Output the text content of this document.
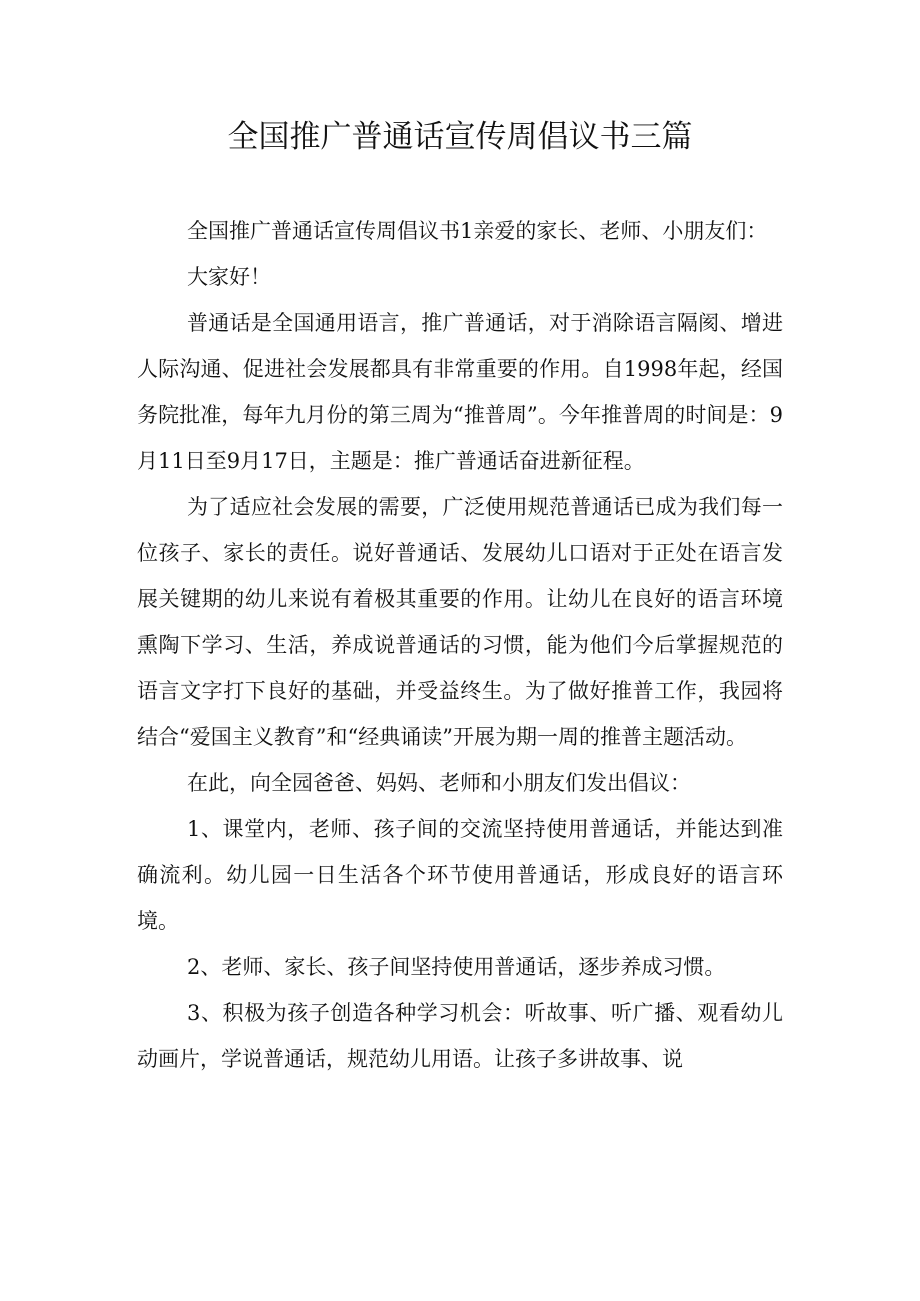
全国推广普通话宣传周倡议书三篇

全国推广普通话宣传周倡议书1亲爱的家长、老师、小朋友们：

大家好！

普通话是全国通用语言，推广普通话，对于消除语言隔阂、增进人际沟通、促进社会发展都具有非常重要的作用。自1998年起，经国务院批准，每年九月份的第三周为“推普周”。今年推普周的时间是：9月11日至9月17日，主题是：推广普通话奋进新征程。

为了适应社会发展的需要，广泛使用规范普通话已成为我们每一位孩子、家长的责任。说好普通话、发展幼儿口语对于正处在语言发展关键期的幼儿来说有着极其重要的作用。让幼儿在良好的语言环境熏陶下学习、生活，养成说普通话的习惯，能为他们今后掌握规范的语言文字打下良好的基础，并受益终生。为了做好推普工作，我园将结合“爱国主义教育”和“经典诵读”开展为期一周的推普主题活动。

在此，向全园爸爸、妈妈、老师和小朋友们发出倡议：

1、课堂内，老师、孩子间的交流坚持使用普通话，并能达到准确流利。幼儿园一日生活各个环节使用普通话，形成良好的语言环境。

2、老师、家长、孩子间坚持使用普通话，逐步养成习惯。

3、积极为孩子创造各种学习机会：听故事、听广播、观看幼儿动画片，学说普通话，规范幼儿用语。让孩子多讲故事、说
